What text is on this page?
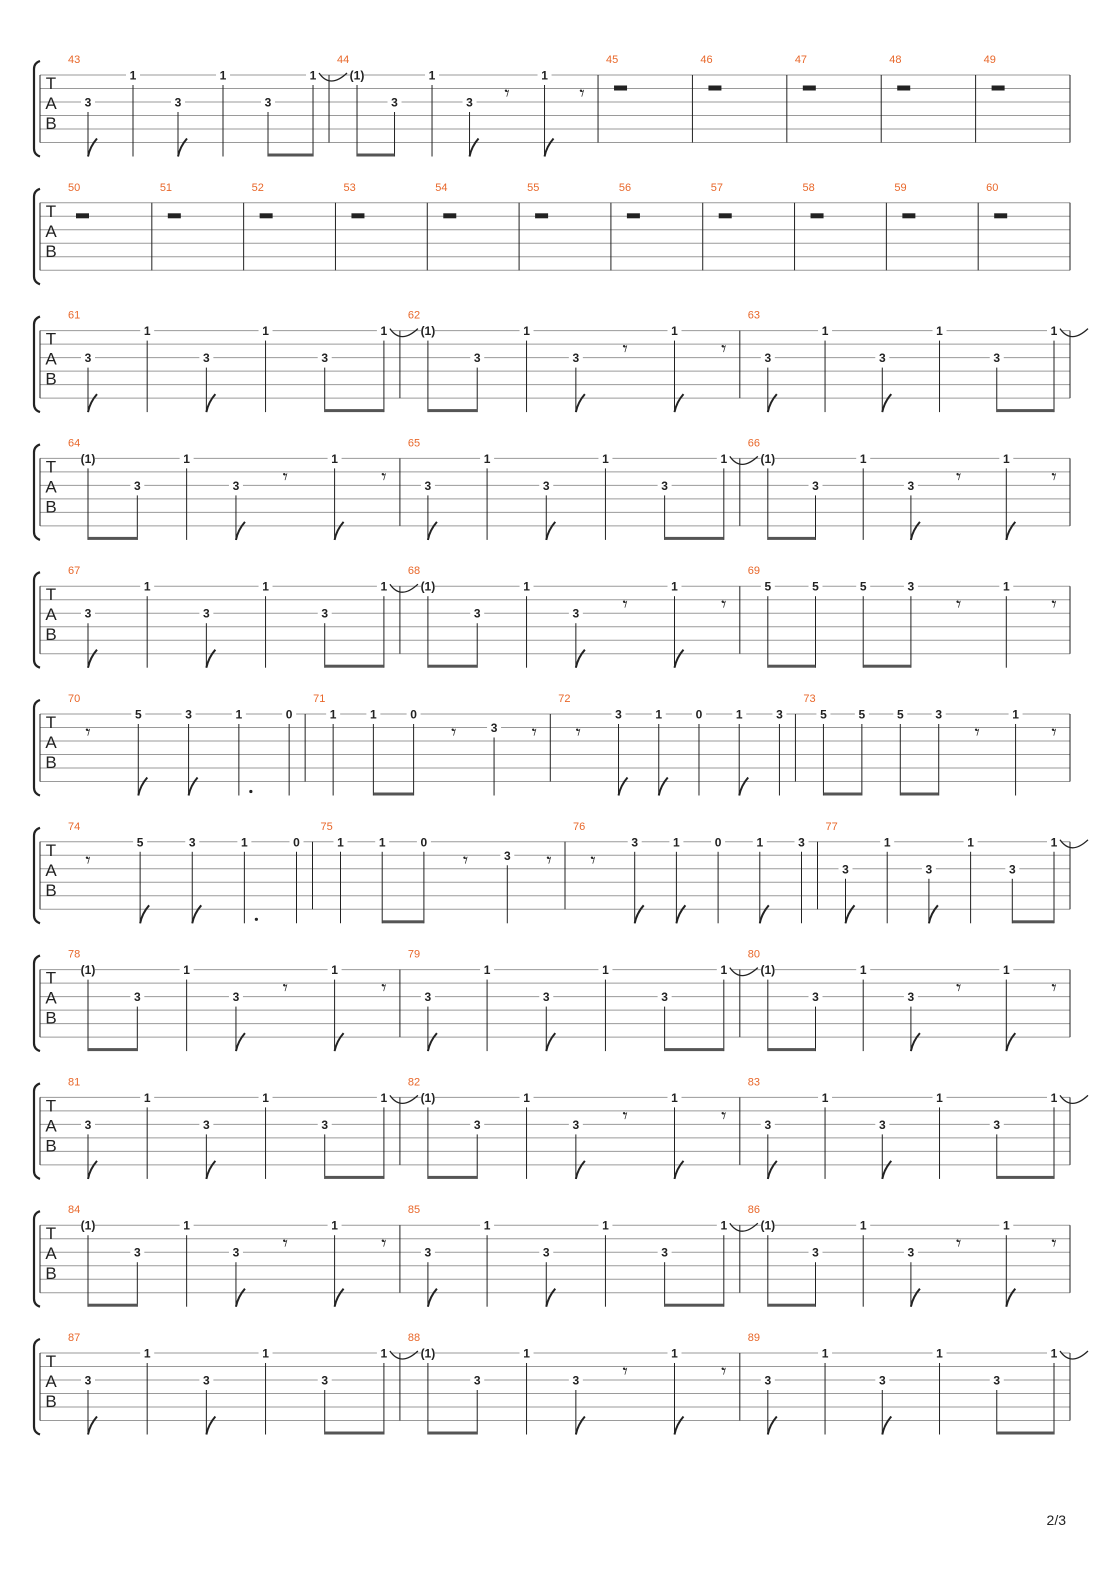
T
A
B
43
3
1
3
1
3
1
44
(1)
3
1
3 𝄾
1
𝄾
45	46	47	48	49
T
A
B
50	51	52	53	54	55	56	57	58	59	60
T
A
B
61
3
1
3
1
3
1
62
(1)
3
1
3 𝄾
1
𝄾
63
3
1
3
1
3
1
T
A
B
64
(1)
3
1
3 𝄾
1
𝄾
65
3
1
3
1
3
1
66
(1)
3
1
3 𝄾
1
𝄾
T
A
B
67
3
1
3
1
3
1
68
(1)
3
1
3 𝄾
1
𝄾
69
5	5	5	3
𝄾
1
𝄾
T
A
B
70
𝄾
5	3	1	0
71
1	1	0
𝄾	3 𝄾
72
𝄾
3	1	0	1	3
73
5	5	5	3
𝄾
1
𝄾
T
A
B
74
𝄾
5	3	1	0
75
1	1	0
𝄾	3 𝄾
76
𝄾
3	1	0	1	3
77
3
1
3
1
3
1
T
A
B
78
(1)
3
1
3 𝄾
1
𝄾
79
3
1
3
1
3
1
80
(1)
3
1
3 𝄾
1
𝄾
T
A
B
81
3
1
3
1
3
1
82
(1)
3
1
3 𝄾
1
𝄾
83
3
1
3
1
3
1
T
A
B
84
(1)
3
1
3 𝄾
1
𝄾
85
3
1
3
1
3
1
86
(1)
3
1
3 𝄾
1
𝄾
T
A
B
87
3
1
3
1
3
1
88
(1)
3
1
3 𝄾
1
𝄾
89
3
1
3
1
3
1
2/3
